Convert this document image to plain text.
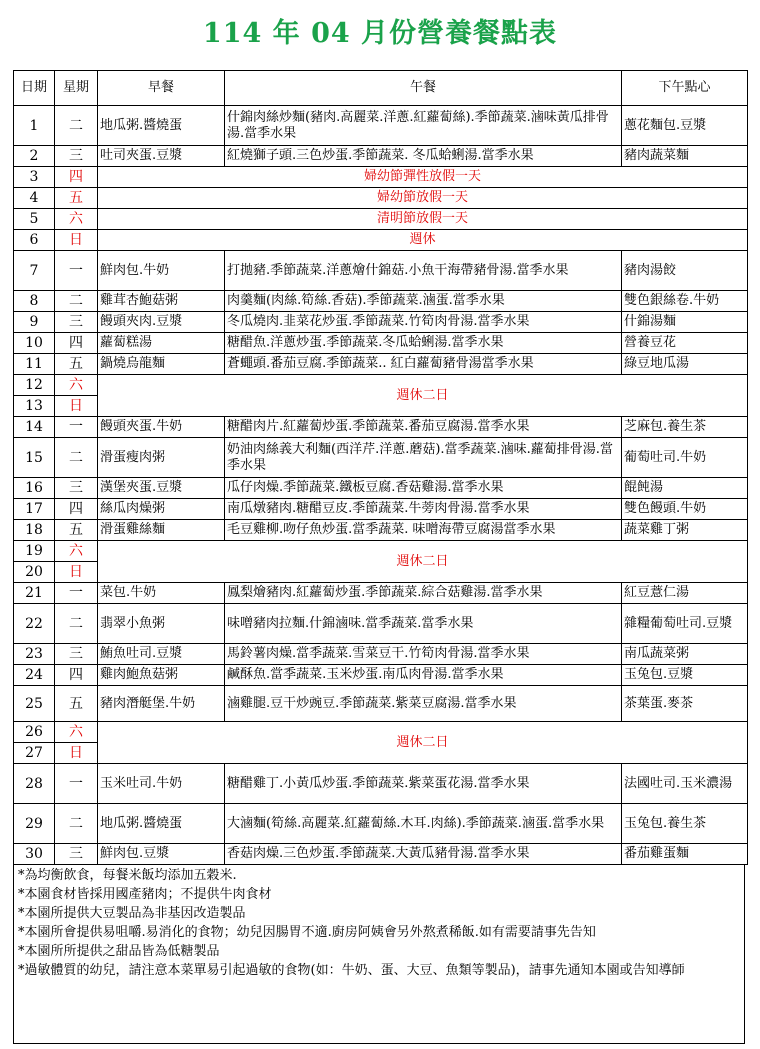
114 年 04 月份營養餐點表
日期	星期	早餐	午餐	下午點心
1	二	地瓜粥.醬燒蛋	什錦肉絲炒麵(豬肉.高麗菜.洋蔥.紅蘿蔔絲).季節蔬菜.滷味黃瓜排骨湯.當季水果	蔥花麵包.豆漿
2	三	吐司夾蛋.豆漿	紅燒獅子頭.三色炒蛋.季節蔬菜. 冬瓜蛤蜊湯.當季水果	豬肉蔬菜麵
3	四	婦幼節彈性放假一天		
4	五	婦幼節放假一天		
5	六	清明節放假一天		
6	日	週休		
7	一	鮮肉包.牛奶	打拋豬.季節蔬菜.洋蔥燴什錦菇.小魚干海帶豬骨湯.當季水果	豬肉湯餃
8	二	雞茸杏鮑菇粥	肉羹麵(肉絲.筍絲.香菇).季節蔬菜.滷蛋.當季水果	雙色銀絲卷.牛奶
9	三	饅頭夾肉.豆漿	冬瓜燒肉.韭菜花炒蛋.季節蔬菜.竹筍肉骨湯.當季水果	什錦湯麵
10	四	蘿蔔糕湯	糖醋魚.洋蔥炒蛋.季節蔬菜.冬瓜蛤蜊湯.當季水果	營養豆花
11	五	鍋燒烏龍麵	蒼蠅頭.番茄豆腐.季節蔬菜.. 紅白蘿蔔豬骨湯當季水果	綠豆地瓜湯
12	六	週休二日		
13	日			
14	一	饅頭夾蛋.牛奶	糖醋肉片.紅蘿蔔炒蛋.季節蔬菜.番茄豆腐湯.當季水果	芝麻包.養生茶
15	二	滑蛋瘦肉粥	奶油肉絲義大利麵(西洋芹.洋蔥.蘑菇).當季蔬菜.滷味.蘿蔔排骨湯.當季水果	葡萄吐司.牛奶
16	三	漢堡夾蛋.豆漿	瓜仔肉燥.季節蔬菜.鐵板豆腐.香菇雞湯.當季水果	餛飩湯
17	四	絲瓜肉燥粥	南瓜燉豬肉.糖醋豆皮.季節蔬菜.牛蒡肉骨湯.當季水果	雙色饅頭.牛奶
18	五	滑蛋雞絲麵	毛豆雞柳.吻仔魚炒蛋.當季蔬菜. 味噌海帶豆腐湯當季水果	蔬菜雞丁粥
19	六	週休二日		
20	日			
21	一	菜包.牛奶	鳳梨燴豬肉.紅蘿蔔炒蛋.季節蔬菜.綜合菇雞湯.當季水果	紅豆薏仁湯
22	二	翡翠小魚粥	味噌豬肉拉麵.什錦滷味.當季蔬菜.當季水果	雜糧葡萄吐司.豆漿
23	三	鮪魚吐司.豆漿	馬鈴薯肉燥.當季蔬菜.雪菜豆干.竹筍肉骨湯.當季水果	南瓜蔬菜粥
24	四	雞肉鮑魚菇粥	鹹酥魚.當季蔬菜.玉米炒蛋.南瓜肉骨湯.當季水果	玉兔包.豆漿
25	五	豬肉潛艇堡.牛奶	滷雞腿.豆干炒豌豆.季節蔬菜.紫菜豆腐湯.當季水果	茶葉蛋.麥茶
26	六	週休二日		
27	日			
28	一	玉米吐司.牛奶	糖醋雞丁.小黃瓜炒蛋.季節蔬菜.紫菜蛋花湯.當季水果	法國吐司.玉米濃湯
29	二	地瓜粥.醬燒蛋	大滷麵(筍絲.高麗菜.紅蘿蔔絲.木耳.肉絲).季節蔬菜.滷蛋.當季水果	玉兔包.養生茶
30	三	鮮肉包.豆漿	香菇肉燥.三色炒蛋.季節蔬菜.大黃瓜豬骨湯.當季水果	番茄雞蛋麵
*為均衡飲食，每餐米飯均添加五穀米.
*本園食材皆採用國產豬肉；不提供牛肉食材
*本園所提供大豆製品為非基因改造製品
*本園所會提供易咀嚼.易消化的食物；幼兒因腸胃不適.廚房阿姨會另外熬煮稀飯.如有需要請事先告知
*本園所所提供之甜品皆為低糖製品
*過敏體質的幼兒，請注意本菜單易引起過敏的食物(如：牛奶、蛋、大豆、魚類等製品)，請事先通知本園或告知導師
